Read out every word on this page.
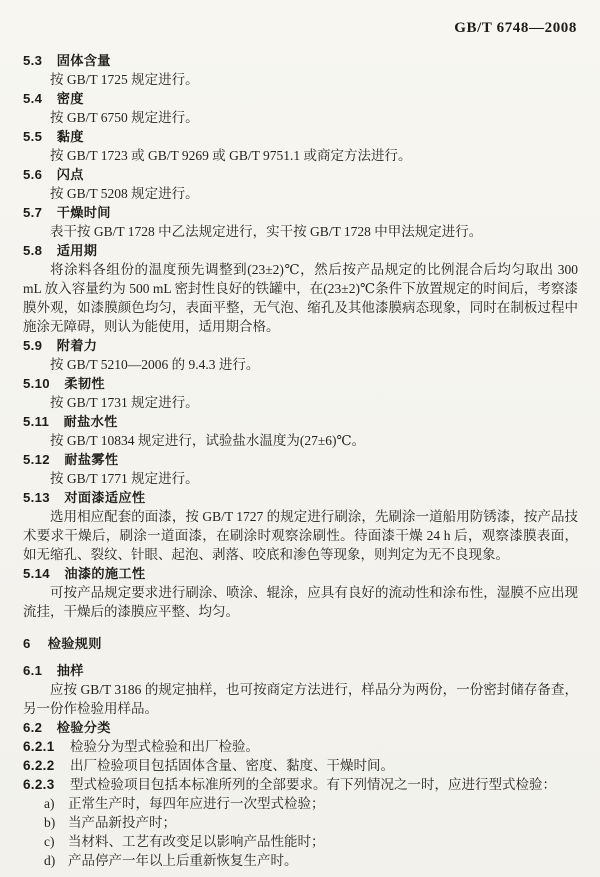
GB/T 6748—2008
5.3 固体含量

按 GB/T 1725 规定进行。

5.4 密度

按 GB/T 6750 规定进行。

5.5 黏度

按 GB/T 1723 或 GB/T 9269 或 GB/T 9751.1 或商定方法进行。

5.6 闪点

按 GB/T 5208 规定进行。

5.7 干燥时间

表干按 GB/T 1728 中乙法规定进行，实干按 GB/T 1728 中甲法规定进行。

5.8 适用期

将涂料各组份的温度预先调整到(23±2)℃，然后按产品规定的比例混合后均匀取出 300 mL 放入容量约为 500 mL 密封性良好的铁罐中，在(23±2)℃条件下放置规定的时间后，考察漆膜外观，如漆膜颜色均匀，表面平整，无气泡、缩孔及其他漆膜病态现象，同时在制板过程中施涂无障碍，则认为能使用，适用期合格。

5.9 附着力

按 GB/T 5210—2006 的 9.4.3 进行。

5.10 柔韧性

按 GB/T 1731 规定进行。

5.11 耐盐水性

按 GB/T 10834 规定进行，试验盐水温度为(27±6)℃。

5.12 耐盐雾性

按 GB/T 1771 规定进行。

5.13 对面漆适应性

选用相应配套的面漆，按 GB/T 1727 的规定进行刷涂，先刷涂一道船用防锈漆，按产品技术要求干燥后，刷涂一道面漆，在刷涂时观察涂刷性。待面漆干燥 24 h 后，观察漆膜表面，如无缩孔、裂纹、针眼、起泡、剥落、咬底和渗色等现象，则判定为无不良现象。

5.14 油漆的施工性

可按产品规定要求进行刷涂、喷涂、辊涂，应具有良好的流动性和涂布性，湿膜不应出现流挂，干燥后的漆膜应平整、均匀。

6 检验规则
6.1 抽样

应按 GB/T 3186 的规定抽样，也可按商定方法进行，样品分为两份，一份密封储存备查，另一份作检验用样品。

6.2 检验分类

6.2.1 检验分为型式检验和出厂检验。

6.2.2 出厂检验项目包括固体含量、密度、黏度、干燥时间。

6.2.3 型式检验项目包括本标准所列的全部要求。有下列情况之一时，应进行型式检验：

a) 正常生产时，每四年应进行一次型式检验；

b) 当产品新投产时；

c) 当材料、工艺有改变足以影响产品性能时；

d) 产品停产一年以上后重新恢复生产时。
